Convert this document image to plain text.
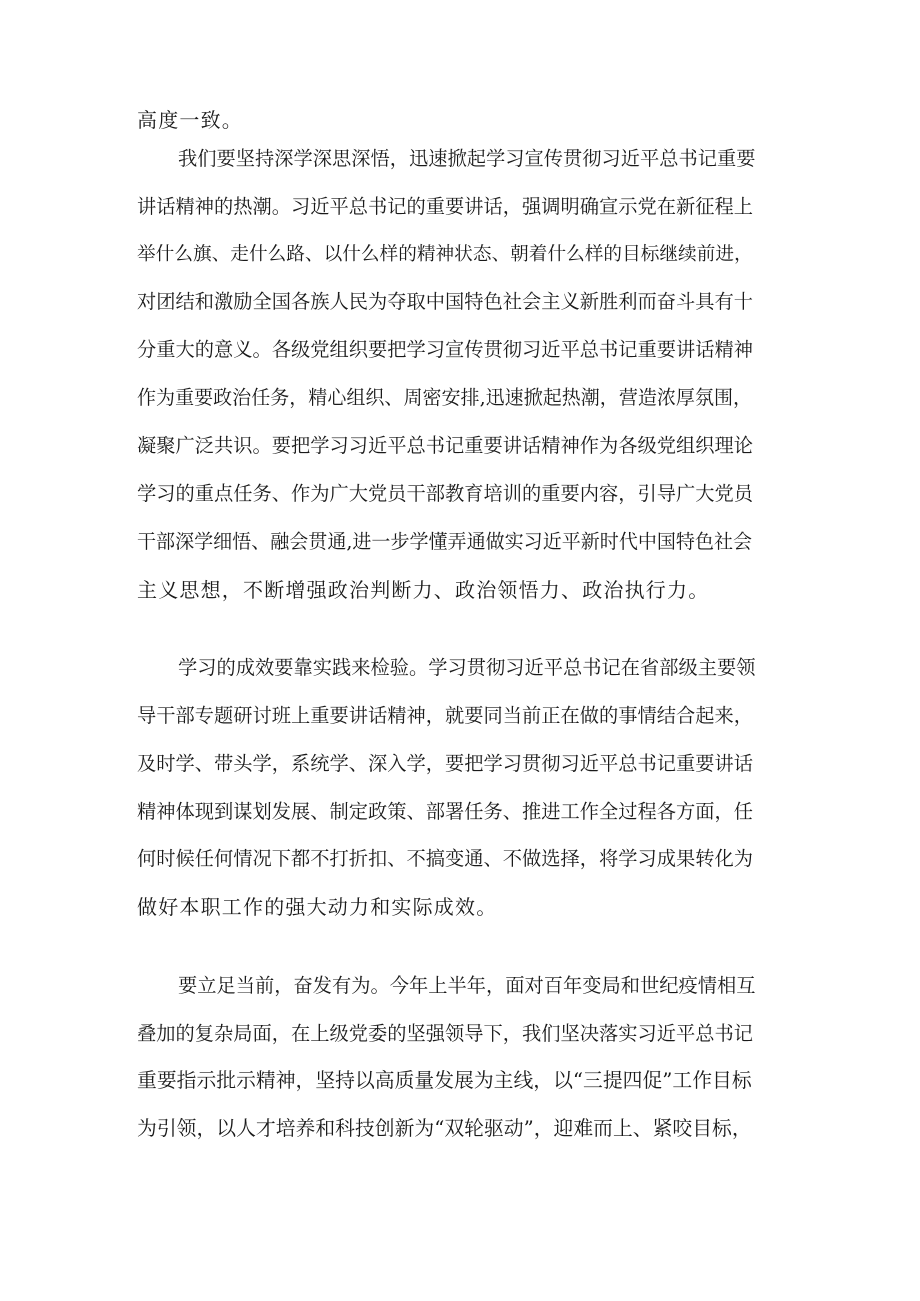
高度一致。
我们要坚持深学深思深悟，迅速掀起学习宣传贯彻习近平总书记重要
讲话精神的热潮。习近平总书记的重要讲话，强调明确宣示党在新征程上
举什么旗、走什么路、以什么样的精神状态、朝着什么样的目标继续前进，
对团结和激励全国各族人民为夺取中国特色社会主义新胜利而奋斗具有十
分重大的意义。各级党组织要把学习宣传贯彻习近平总书记重要讲话精神
作为重要政治任务，精心组织、周密安排,迅速掀起热潮，营造浓厚氛围，
凝聚广泛共识。要把学习习近平总书记重要讲话精神作为各级党组织理论
学习的重点任务、作为广大党员干部教育培训的重要内容，引导广大党员
干部深学细悟、融会贯通,进一步学懂弄通做实习近平新时代中国特色社会
主义思想，不断增强政治判断力、政治领悟力、政治执行力。
学习的成效要靠实践来检验。学习贯彻习近平总书记在省部级主要领
导干部专题研讨班上重要讲话精神，就要同当前正在做的事情结合起来，
及时学、带头学，系统学、深入学，要把学习贯彻习近平总书记重要讲话
精神体现到谋划发展、制定政策、部署任务、推进工作全过程各方面，任
何时候任何情况下都不打折扣、不搞变通、不做选择，将学习成果转化为
做好本职工作的强大动力和实际成效。
要立足当前，奋发有为。今年上半年，面对百年变局和世纪疫情相互
叠加的复杂局面，在上级党委的坚强领导下，我们坚决落实习近平总书记
重要指示批示精神，坚持以高质量发展为主线，以“三提四促”工作目标
为引领，以人才培养和科技创新为“双轮驱动”，迎难而上、紧咬目标，
